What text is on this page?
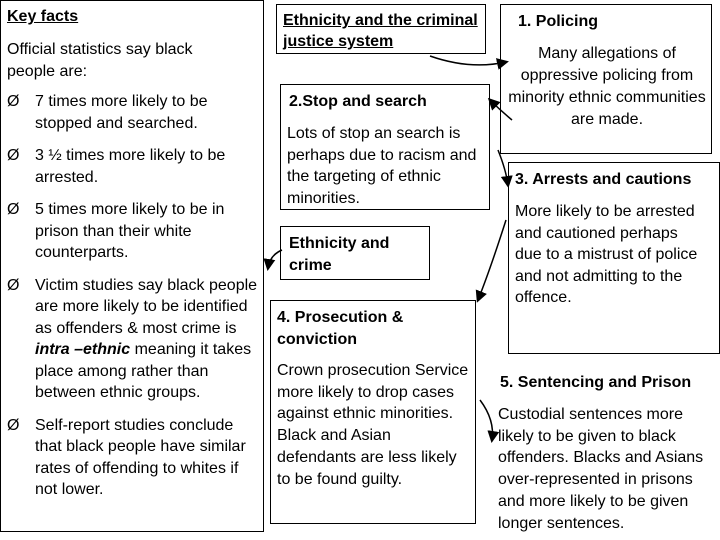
Key facts
Official statistics say black people are:
Ø 7 times more likely to be stopped and searched.
Ø 3 ½ times more likely to be arrested.
Ø 5 times more likely to be in prison than their white counterparts.
Ø Victim studies say black people are more likely to be identified as offenders & most crime is intra –ethnic meaning it takes place among rather than between ethnic groups.
Ø Self-report studies conclude that black people have similar rates of offending to whites if not lower.
Ethnicity and the criminal justice system
1. Policing
Many allegations of oppressive policing from minority ethnic communities are made.
2.Stop and search
Lots of stop an search is perhaps due to racism and the targeting of ethnic minorities.
Ethnicity and crime
3. Arrests and cautions
More likely to be arrested and cautioned perhaps due to a mistrust of police and not admitting to the offence.
4. Prosecution & conviction
Crown prosecution Service more likely to drop cases against ethnic minorities. Black and Asian defendants are less likely to be found guilty.
5. Sentencing and Prison
Custodial sentences more likely to be given to black offenders. Blacks and Asians over-represented in prisons and more likely to be given longer sentences.
